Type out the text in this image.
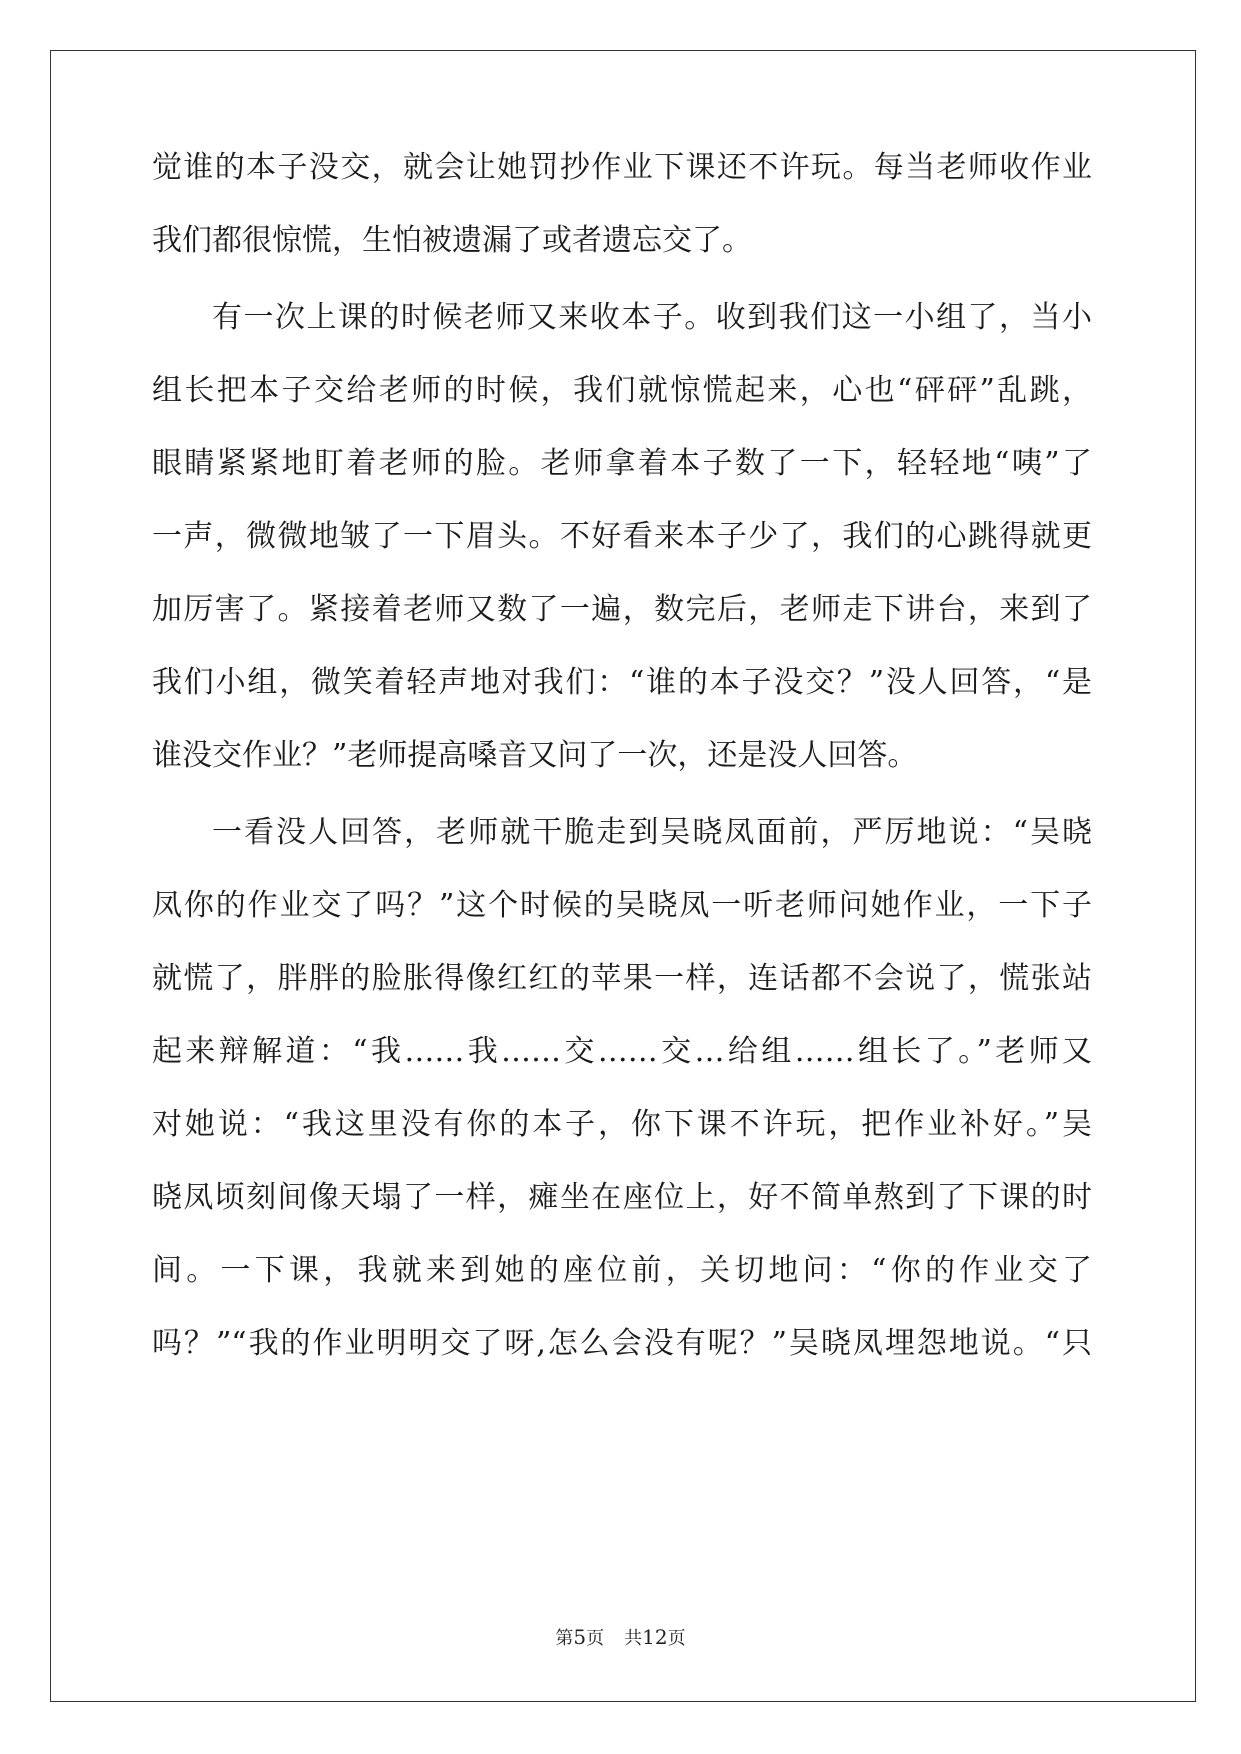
觉谁的本子没交，就会让她罚抄作业下课还不许玩。每当老师收作业
我们都很惊慌，生怕被遗漏了或者遗忘交了。
有一次上课的时候老师又来收本子。收到我们这一小组了，当小
组长把本子交给老师的时候，我们就惊慌起来，心也“砰砰”乱跳，
眼睛紧紧地盯着老师的脸。老师拿着本子数了一下，轻轻地“咦”了
一声，微微地皱了一下眉头。不好看来本子少了，我们的心跳得就更
加厉害了。紧接着老师又数了一遍，数完后，老师走下讲台，来到了
我们小组，微笑着轻声地对我们：“谁的本子没交？”没人回答，“是
谁没交作业？”老师提高嗓音又问了一次，还是没人回答。
一看没人回答，老师就干脆走到吴晓凤面前，严厉地说：“吴晓
凤你的作业交了吗？”这个时候的吴晓凤一听老师问她作业，一下子
就慌了，胖胖的脸胀得像红红的苹果一样，连话都不会说了，慌张站
起来辩解道：“我……我……交……交…给组……组长了。”老师又
对她说：“我这里没有你的本子，你下课不许玩，把作业补好。”吴
晓凤顷刻间像天塌了一样，瘫坐在座位上，好不简单熬到了下课的时
间。一下课，我就来到她的座位前，关切地问：“你的作业交了
吗？”“我的作业明明交了呀,怎么会没有呢？”吴晓凤埋怨地说。“只
第5页 共12页
